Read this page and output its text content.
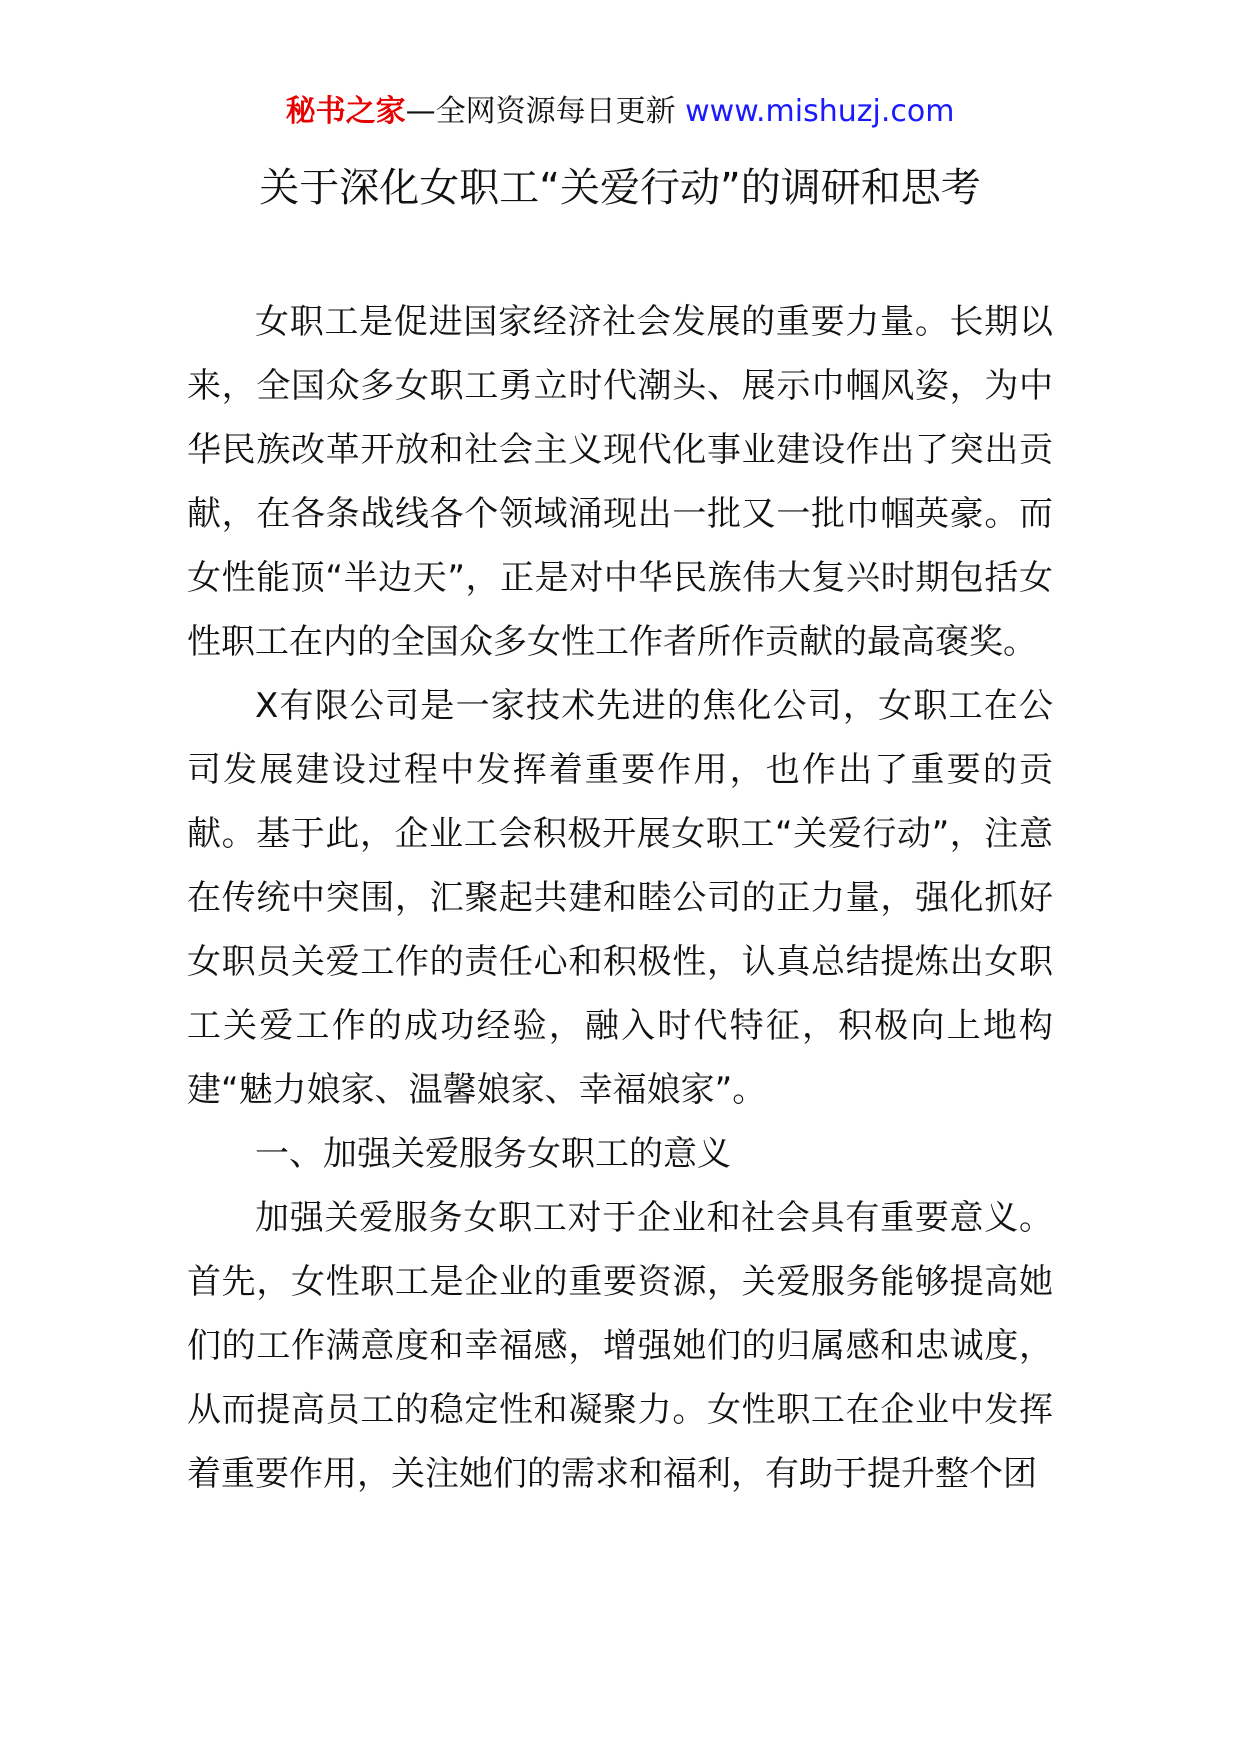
秘书之家—全网资源每日更新 www.mishuzj.com
关于深化女职工“关爱行动”的调研和思考

女职工是促进国家经济社会发展的重要力量。长期以来，全国众多女职工勇立时代潮头、展示巾帼风姿，为中华民族改革开放和社会主义现代化事业建设作出了突出贡献，在各条战线各个领域涌现出一批又一批巾帼英豪。而女性能顶“半边天”，正是对中华民族伟大复兴时期包括女性职工在内的全国众多女性工作者所作贡献的最高褒奖。

X有限公司是一家技术先进的焦化公司，女职工在公司发展建设过程中发挥着重要作用，也作出了重要的贡献。基于此，企业工会积极开展女职工“关爱行动”，注意在传统中突围，汇聚起共建和睦公司的正力量，强化抓好女职员关爱工作的责任心和积极性，认真总结提炼出女职工关爱工作的成功经验，融入时代特征，积极向上地构建“魅力娘家、温馨娘家、幸福娘家”。

一、加强关爱服务女职工的意义

加强关爱服务女职工对于企业和社会具有重要意义。首先，女性职工是企业的重要资源，关爱服务能够提高她们的工作满意度和幸福感，增强她们的归属感和忠诚度，从而提高员工的稳定性和凝聚力。女性职工在企业中发挥着重要作用，关注她们的需求和福利，有助于提升整个团
